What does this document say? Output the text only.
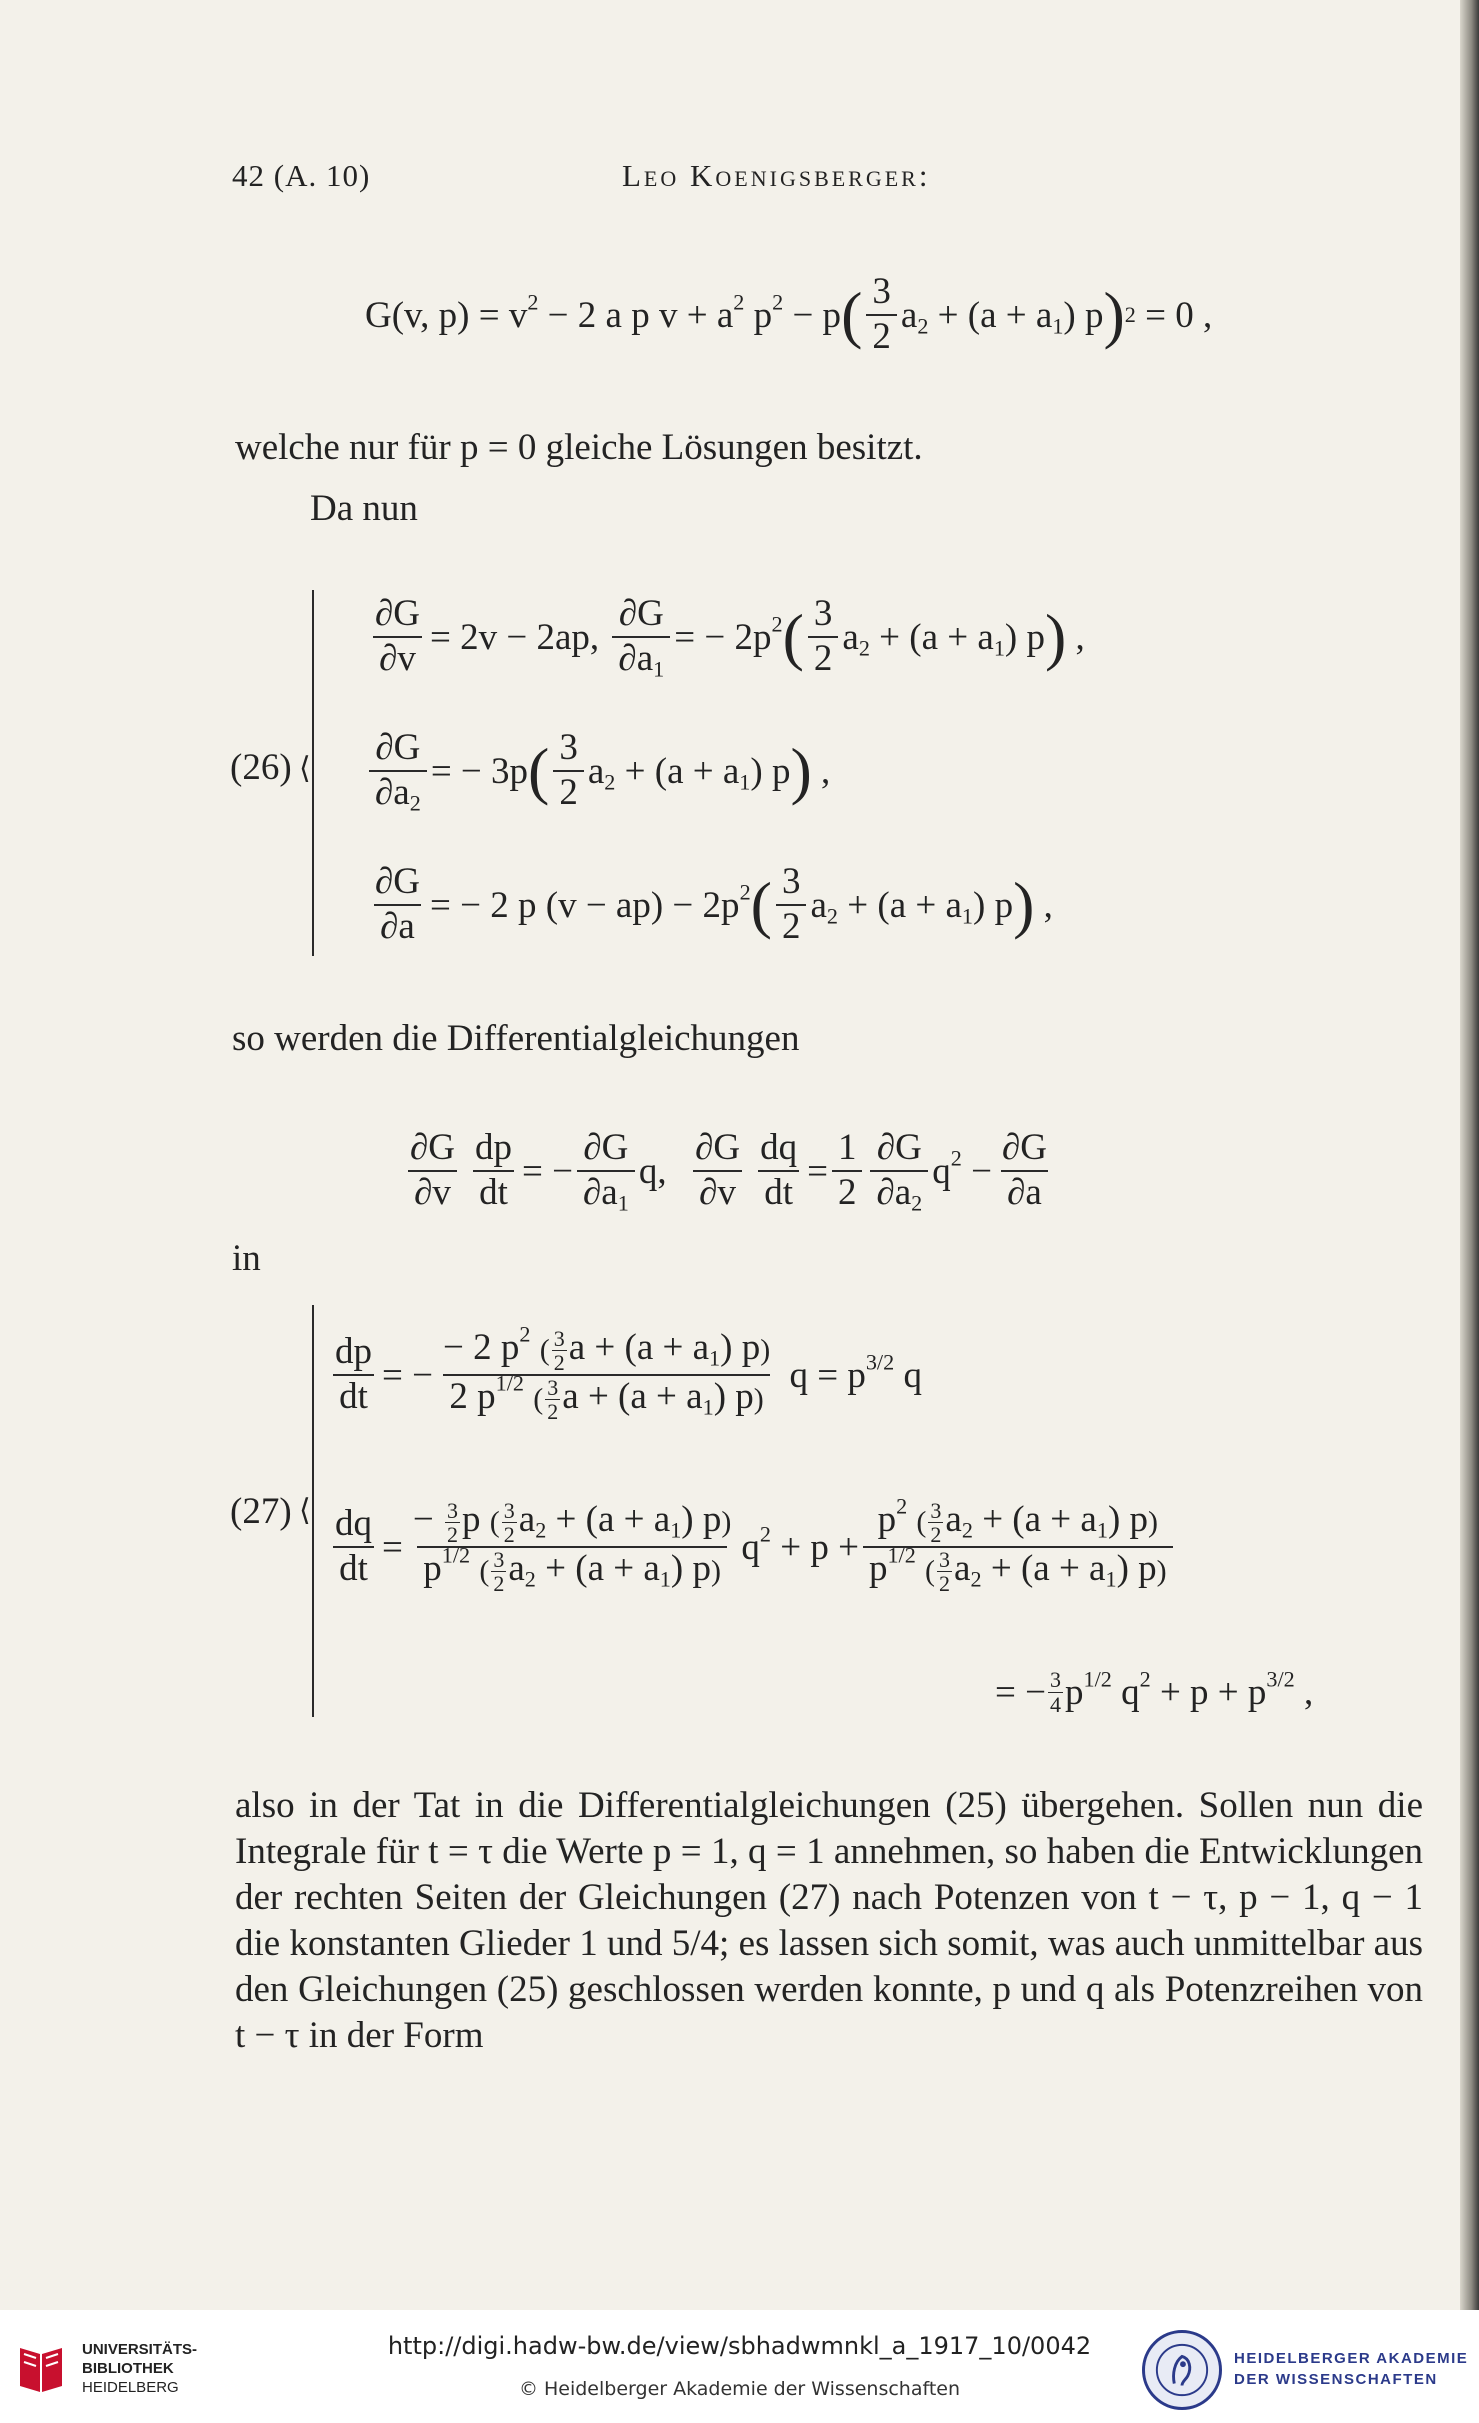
42 (A. 10)	Leo Koenigsberger:
G(v, $p) = v^2 - 2$ a p $v + a^2$ $p^2 - p$ ( $\frac{3}{2} a_2 + (a + a_1)$ p ) 2 = 0 ,
welche nur für p = 0 gleiche Lösungen besitzt.
Da nun
(26) ⟨
$\frac{\partial G}{\partial v} = 2v - 2ap$, $\frac{\partial G}{\partial a_1}$ = − $2p^2$ ( $\frac{3}{2} a_2 + (a + a_1)$ p ) ,
$\frac{\partial G}{\partial a_2}$ = − 3p ( $\frac{3}{2} a_2 + (a + a_1)$ p ) ,
$\frac{\partial G}{\partial a}$ = − 2 p $(v - ap) - 2p^2$ ( $\frac{3}{2} a_2 + (a + a_1)$ p ) ,
so werden die Differentialgleichungen
$\frac{\partial G}{\partial v} \frac{dp}{dt}$ = − $\frac{\partial G}{\partial a_1} q$, $\frac{\partial G}{\partial v} \frac{dq}{dt} = \frac{1}{2} \frac{\partial G}{\partial a_2} q^2 - \frac{\partial G}{\partial a}$
in
(27) ⟨
$\frac{dp}{dt}$ = − $\frac{- 2 p^2 ( \frac{3}{2} a + (a + a_1) p)}{2 p^{1/2} ( \frac{3}{2} a + (a + a_1) p)}$ $q = p^{3/2}$ q
$\frac{dq}{dt} = \frac{- \frac{3}{2} p ( \frac{3}{2} a_2 + (a + a_1) p)}{p^{1/2} ( \frac{3}{2} a_2 + (a + a_1) p)} q^2 + p + \frac{p^2 ( \frac{3}{2} a_2 + (a + a_1) p)}{p^{1/2} ( \frac{3}{2} a_2 + (a + a_1) p)}$
= − $\frac{3}{4} p^{1/2}$ $q^2 + p + p^{3/2}$ ,
also in der Tat in die Differentialgleichungen (25) übergehen. Sollen nun die Integrale für t = τ die Werte p = 1, q = 1 annehmen, so haben die Entwicklungen der rechten Seiten der Gleichungen (27) nach Potenzen von t − τ, p − 1, q − 1 die konstanten Glieder 1 und 5/4; es lassen sich somit, was auch unmittelbar aus den Gleichungen (25) geschlossen werden konnte, p und q als Potenzreihen von t − τ in der Form
UNIVERSITÄTS-
BIBLIOTHEK
HEIDELBERG
http://digi.hadw-bw.de/view/sbhadwmnkl_a_1917_10/0042
© Heidelberger Akademie der Wissenschaften
HEIDELBERGER AKADEMIE
DER WISSENSCHAFTEN
